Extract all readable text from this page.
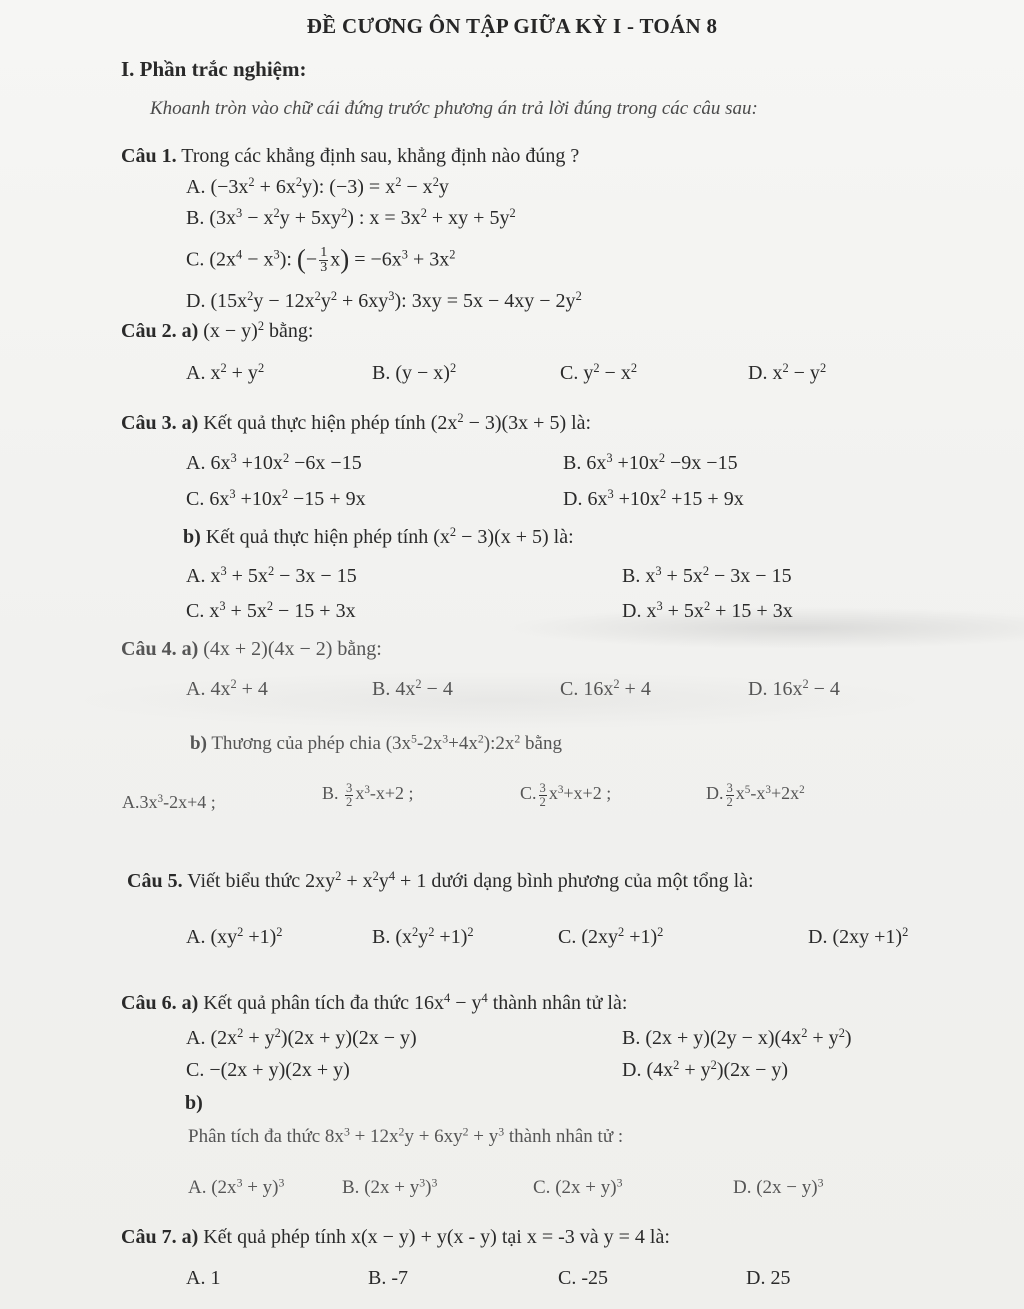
ĐỀ CƯƠNG ÔN TẬP GIỮA KỲ I - TOÁN 8
I. Phần trắc nghiệm:
Khoanh tròn vào chữ cái đứng trước phương án trả lời đúng trong các câu sau:
Câu 1. Trong các khẳng định sau, khẳng định nào đúng ?
A. $(-3x^2 + 6x^2y)$: $(-3) = x^2 - x^2y$
B. $(3x^3 - x^2y + 5xy^2)$ : $x = 3x^2$ + xy + $5y^2$
C. $(2x^4 - x^3)$: (− $\frac{1}{3} x) = -6x^3 + 3x^2$
D. $(15x^2y - 12x^2y^2 + 6xy^3)$: $3xy = 5x - 4xy - 2y^2$
Câu 2. a) $(x - y)^2$ bằng:
A. $x^2 + y^2$	B. $(y - x)^2$	C. $y^2 - x^2$	D. $x^2 - y^2$
Câu 3. a) Kết quả thực hiện phép tính $(2x^2 - 3)(3x + 5)$ là:
A. $6x^3 +10x^2 -6x -15$	B. $6x^3 +10x^2 -9x -15$
C. $6x^3 +10x^2 -15 + 9x$	D. $6x^3 +10x^2 +15 + 9x$
b) Kết quả thực hiện phép tính $(x^2 - 3)(x + 5)$ là:
A. $x^3 + 5x^2 - 3x - 15$	B. $x^3 + 5x^2 - 3x - 15$
C. $x^3 + 5x^2 - 15 + 3x$	D. $x^3 + 5x^2 + 15 + 3x$
Câu 4. a) (4x + 2)(4x − 2) bằng:
A. $4x^2 + 4$	B. $4x^2 - 4$	C. $16x^2 + 4$	D. $16x^2 - 4$
b) Thương của phép chia $(3x^5-2x^3+4x^2):2x^2$ bằng
$A.3x^3-2x+4$ ;	B. $\frac{3}{2} x^3-x+2$ ;	C. $\frac{3}{2} x^3+x+2$ ;	D. $\frac{3}{2} x^5-x^3+2x^2$
Câu 5. Viết biểu thức $2xy^2 + x^2y^4 + 1$ dưới dạng bình phương của một tổng là:
A. $(xy^2 +1)^2$	B. $(x^2y^2 +1)^2$	C. $(2xy^2 +1)^2$	D. $(2xy +1)^2$
Câu 6. a) Kết quả phân tích đa thức $16x^4 - y^4$ thành nhân tử là:
A. $(2x^2 + y^2)(2x + y)(2x - y)$	B. $(2x + y)(2y - x)(4x^2 + y^2)$
C. −(2x + y)(2x + y)	D. $(4x^2 + y^2)(2x - y)$
b)
Phân tích đa thức $8x^3 + 12x^2y + 6xy^2 + y^3$ thành nhân tử :
A. $(2x^3 + y)^3$	B. $(2x + y^3)^3$	C. $(2x + y)^3$	D. $(2x - y)^3$
Câu 7. a) Kết quả phép tính x(x − y) + y(x - y) tại x = -3 và y = 4 là:
A. 1	B. -7	C. -25	D. 25
